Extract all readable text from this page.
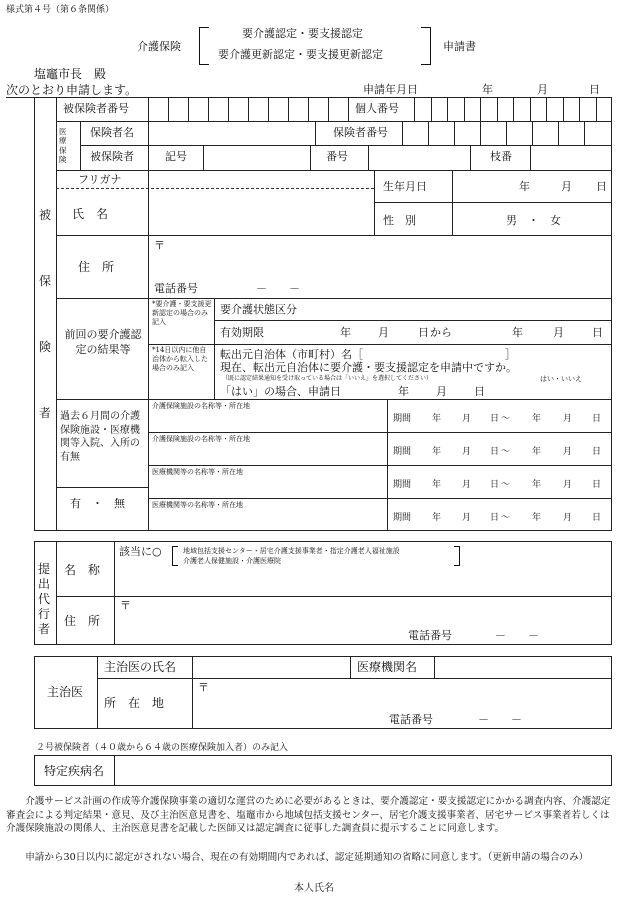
様式第４号（第６条関係）
介護保険
要介護認定・要支援認定
要介護更新認定・要支援更新認定
申請書
塩竈市長　殿
次のとおり申請します。	申請年月日	年	月	日
被
保
険
者
被保険者番号	個人番号
医療保険
保険者名	保険者番号
被保険者	記号	番号	枝番
フリガナ
氏　名
生年月日	年	月 日
性　別	男　・　女
住　所
〒
電話番号	－　　－
前回の要介護認定の結果等
*要介護・要支援更新認定の場合のみ記入
要介護状態区分
有効期限	年 月	日 から	年	月	日
*14日以内に他自治体から転入した場合のみ記入
転出元自治体（市町村）名［	］
現在、転出元自治体に要介護・要支援認定を申請中ですか。
（既に認定結果通知を受け取っている場合は「いいえ」を選択してください）	はい・いいえ
「はい」の場合、申請日	年 月 日
過去６月間の介護保険施設・医療機関等入院、入所の有無
有　・　無
提出代行者
名　称
該当に○	地域包括支援センター・居宅介護支援事業者・指定介護老人福祉施設
介護老人保健施設・介護医療院
住　所
〒
電話番号	－　　－
主治医
主治医の氏名	医療機関名
所　在　地
〒
電話番号	－　　－
２号被保険者（４０歳から６４歳の医療保険加入者）のみ記入
特定疾病名
介護サービス計画の作成等介護保険事業の適切な運営のために必要があるときは、要介護認定・要支援認定にかかる調査内容、介護認定審査会による判定結果・意見、及び主治医意見書を、塩竈市から地域包括支援センター、居宅介護支援事業者、居宅サービス事業者若しくは介護保険施設の関係人、主治医意見書を記載した医師又は認定調査に従事した調査員に提示することに同意します。
申請から30日以内に認定がされない場合、現在の有効期間内であれば、認定延期通知の省略に同意します。（更新申請の場合のみ）
本人氏名
介護保険施設の名称等・所在地
期間 年 月 日 ～ 年 月 日
介護保険施設の名称等・所在地
期間 年 月 日 ～ 年 月 日
医療機関等の名称等・所在地
期間 年 月 日 ～ 年 月 日
医療機関等の名称等・所在地
期間 年 月 日 ～ 年 月 日
